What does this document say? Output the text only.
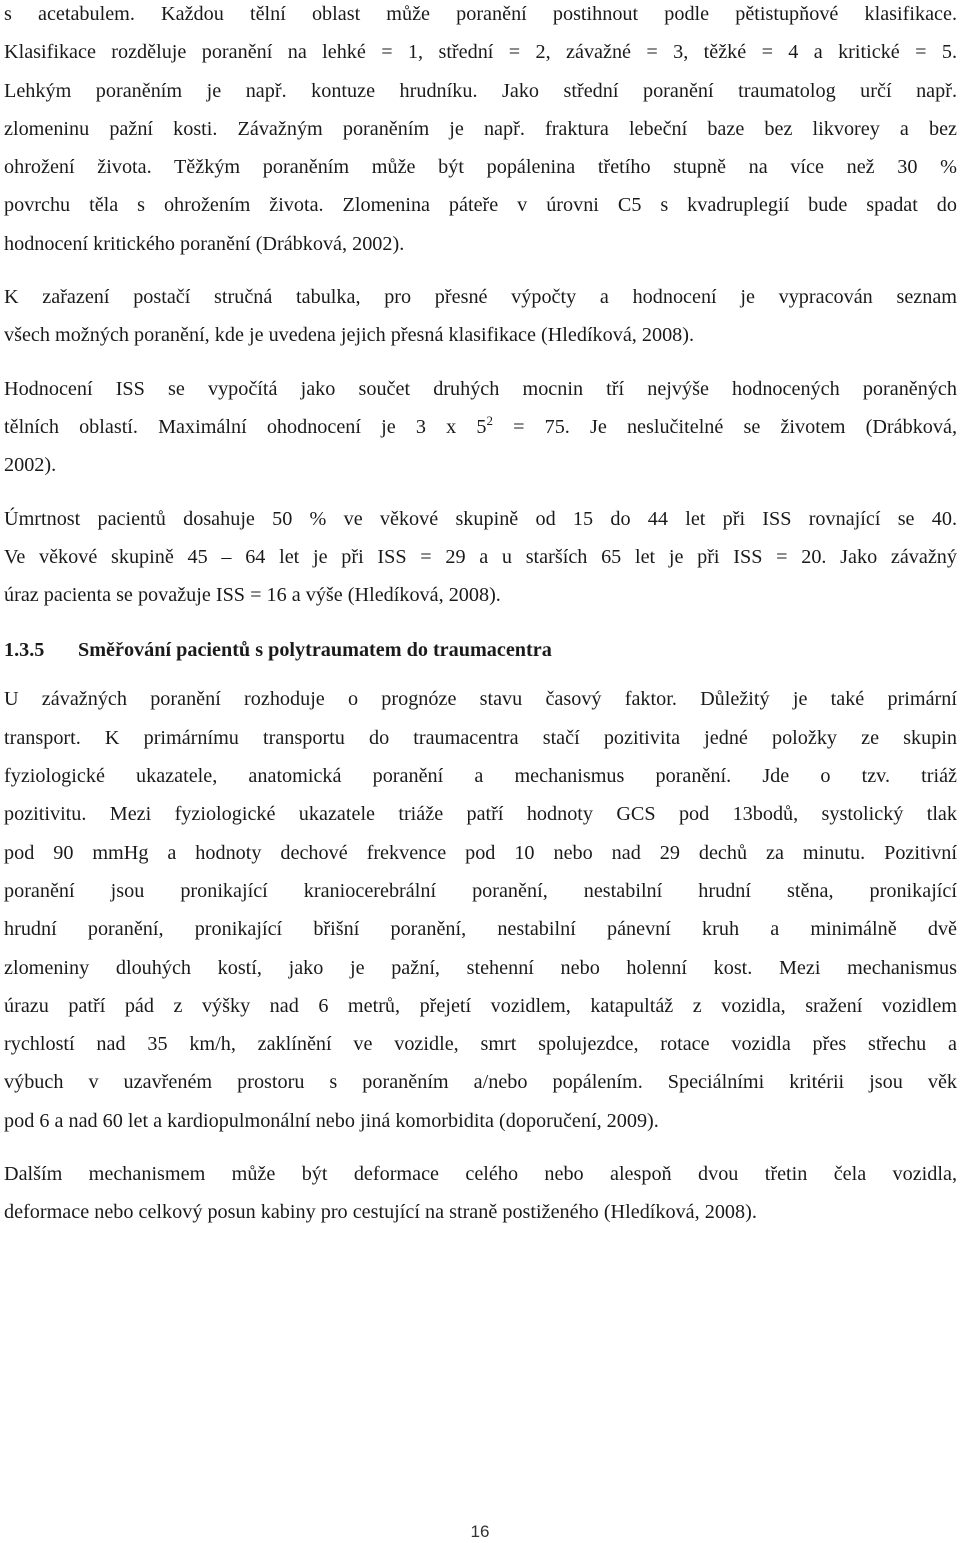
s acetabulem. Každou tělní oblast může poranění postihnout podle pětistupňové klasifikace.
Klasifikace rozděluje poranění na lehké = 1, střední = 2, závažné = 3, těžké = 4 a kritické = 5.
Lehkým poraněním je např. kontuze hrudníku. Jako střední poranění traumatolog určí např.
zlomeninu pažní kosti. Závažným poraněním je např. fraktura lebeční baze bez likvorey a bez
ohrožení života. Těžkým poraněním může být popálenina třetího stupně na více než 30 %
povrchu těla s ohrožením života. Zlomenina páteře v úrovni C5 s kvadruplegií bude spadat do
hodnocení kritického poranění (Drábková, 2002).

K zařazení postačí stručná tabulka, pro přesné výpočty a hodnocení je vypracován seznam
všech možných poranění, kde je uvedena jejich přesná klasifikace (Hledíková, 2008).

Hodnocení ISS se vypočítá jako součet druhých mocnin tří nejvýše hodnocených poraněných
tělních oblastí. Maximální ohodnocení je 3 x $5^2 = 75$. Je neslučitelné se životem (Drábková,
2002).

Úmrtnost pacientů dosahuje 50 % ve věkové skupině od 15 do 44 let při ISS rovnající se 40.
Ve věkové skupině 45 – 64 let je při ISS = 29 a u starších 65 let je při ISS = 20. Jako závažný
úraz pacienta se považuje ISS = 16 a výše (Hledíková, 2008).

1.3.5 Směřování pacientů s polytraumatem do traumacentra

U závažných poranění rozhoduje o prognóze stavu časový faktor. Důležitý je také primární
transport. K primárnímu transportu do traumacentra stačí pozitivita jedné položky ze skupin
fyziologické ukazatele, anatomická poranění a mechanismus poranění. Jde o tzv. triáž
pozitivitu. Mezi fyziologické ukazatele triáže patří hodnoty GCS pod 13bodů, systolický tlak
pod 90 mmHg a hodnoty dechové frekvence pod 10 nebo nad 29 dechů za minutu. Pozitivní
poranění jsou pronikající kraniocerebrální poranění, nestabilní hrudní stěna, pronikající
hrudní poranění, pronikající břišní poranění, nestabilní pánevní kruh a minimálně dvě
zlomeniny dlouhých kostí, jako je pažní, stehenní nebo holenní kost. Mezi mechanismus
úrazu patří pád z výšky nad 6 metrů, přejetí vozidlem, katapultáž z vozidla, sražení vozidlem
rychlostí nad 35 km/h, zaklínění ve vozidle, smrt spolujezdce, rotace vozidla přes střechu a
výbuch v uzavřeném prostoru s poraněním a/nebo popálením. Speciálními kritérii jsou věk
pod 6 a nad 60 let a kardiopulmonální nebo jiná komorbidita (doporučení, 2009).

Dalším mechanismem může být deformace celého nebo alespoň dvou třetin čela vozidla,
deformace nebo celkový posun kabiny pro cestující na straně postiženého (Hledíková, 2008).

16
